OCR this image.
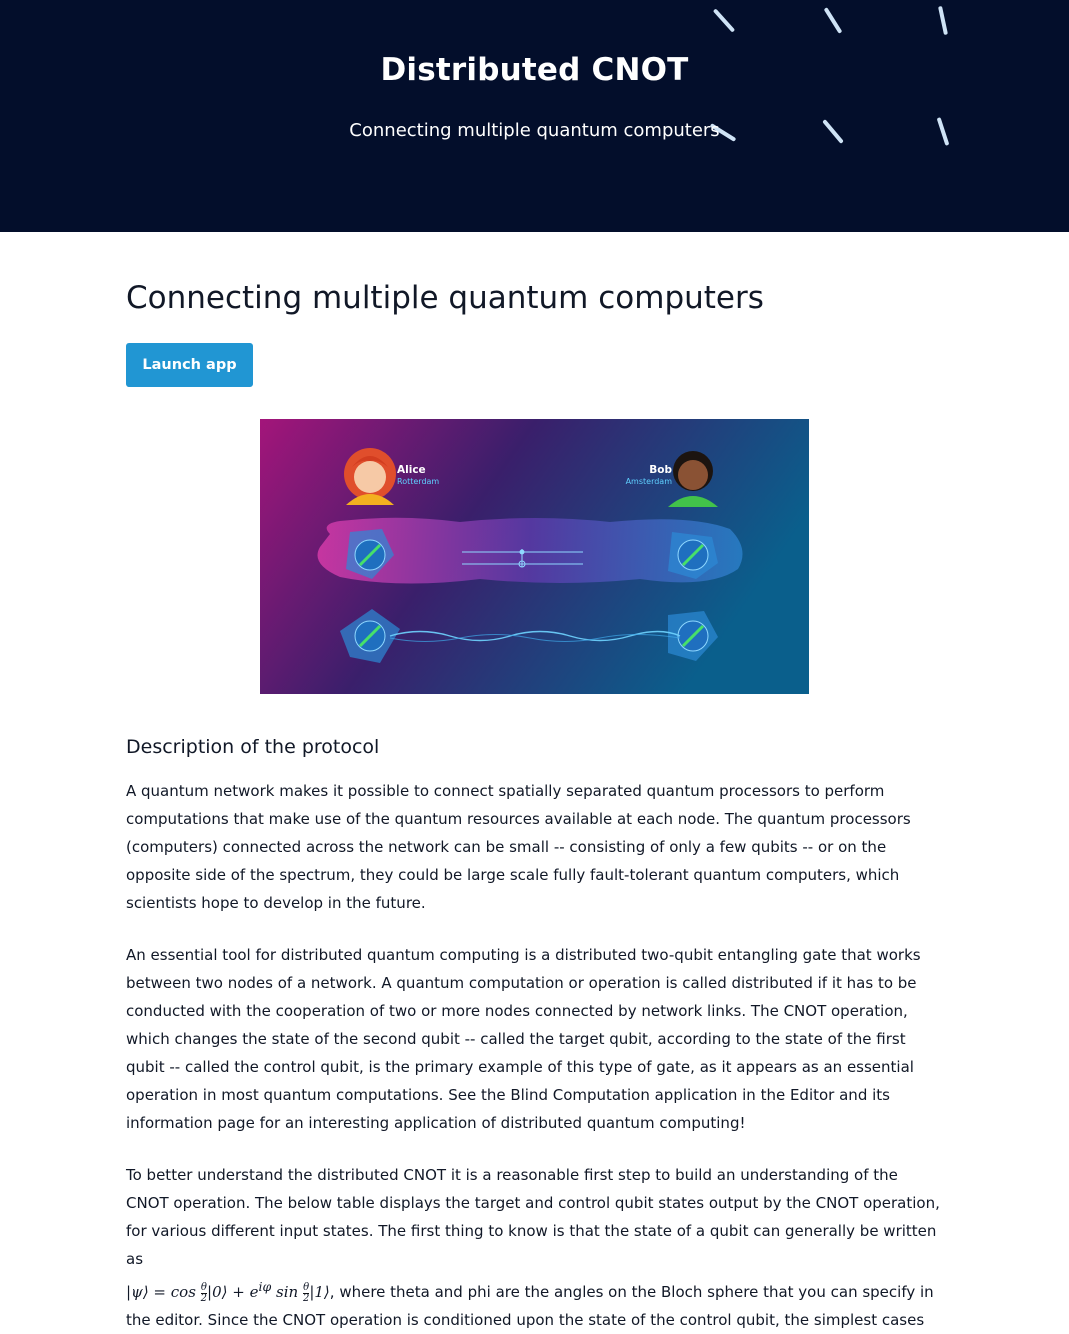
Distributed CNOT
Connecting multiple quantum computers
Connecting multiple quantum computers
Launch app
Alice
Rotterdam
Bob
Amsterdam
Description of the protocol

A quantum network makes it possible to connect spatially separated quantum processors to perform computations that make use of the quantum resources available at each node. The quantum processors (computers) connected across the network can be small -- consisting of only a few qubits -- or on the opposite side of the spectrum, they could be large scale fully fault-tolerant quantum computers, which scientists hope to develop in the future.

An essential tool for distributed quantum computing is a distributed two-qubit entangling gate that works between two nodes of a network. A quantum computation or operation is called distributed if it has to be conducted with the cooperation of two or more nodes connected by network links. The CNOT operation, which changes the state of the second qubit -- called the target qubit, according to the state of the first qubit -- called the control qubit, is the primary example of this type of gate, as it appears as an essential operation in most quantum computations. See the Blind Computation application in the Editor and its information page for an interesting application of distributed quantum computing!

To better understand the distributed CNOT it is a reasonable first step to build an understanding of the CNOT operation. The below table displays the target and control qubit states output by the CNOT operation, for various different input states. The first thing to know is that the state of a qubit can generally be written as
|ψ⟩ = $\cos \frac{\theta}{2}$ |0⟩ + $e^{i\varphi}$ $\sin \frac{\theta}{2}$ |1⟩, where theta and phi are the angles on the Bloch sphere that you can specify in the editor. Since the CNOT operation is conditioned upon the state of the control qubit, the simplest cases
